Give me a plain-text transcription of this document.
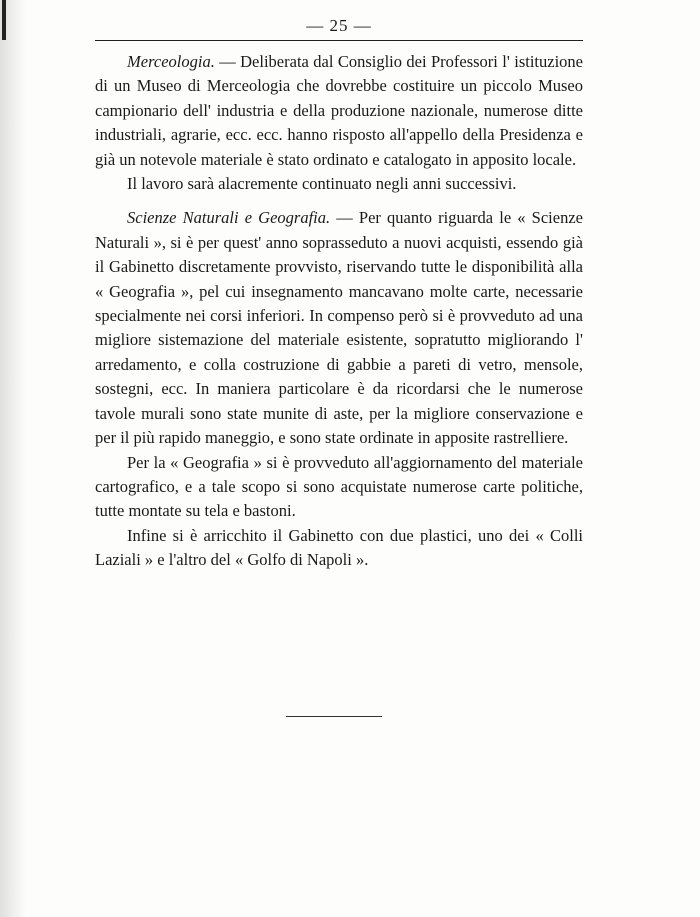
— 25 —

Merceologia. — Deliberata dal Consiglio dei Professori l' istituzione di un Museo di Merceologia che dovrebbe costituire un piccolo Museo campionario dell' industria e della produzione nazionale, numerose ditte industriali, agrarie, ecc. ecc. hanno risposto all'appello della Presidenza e già un notevole materiale è stato ordinato e catalogato in apposito locale.

Il lavoro sarà alacremente continuato negli anni successivi.

Scienze Naturali e Geografia. — Per quanto riguarda le « Scienze Naturali », si è per quest' anno soprasseduto a nuovi acquisti, essendo già il Gabinetto discretamente provvisto, riservando tutte le disponibilità alla « Geografia », pel cui insegnamento mancavano molte carte, necessarie specialmente nei corsi inferiori. In compenso però si è provveduto ad una migliore sistemazione del materiale esistente, sopratutto migliorando l' arredamento, e colla costruzione di gabbie a pareti di vetro, mensole, sostegni, ecc. In maniera particolare è da ricordarsi che le numerose tavole murali sono state munite di aste, per la migliore conservazione e per il più rapido maneggio, e sono state ordinate in apposite rastrelliere.

Per la « Geografia » si è provveduto all'aggiornamento del materiale cartografico, e a tale scopo si sono acquistate numerose carte politiche, tutte montate su tela e bastoni.

Infine si è arricchito il Gabinetto con due plastici, uno dei « Colli Laziali » e l'altro del « Golfo di Napoli ».
